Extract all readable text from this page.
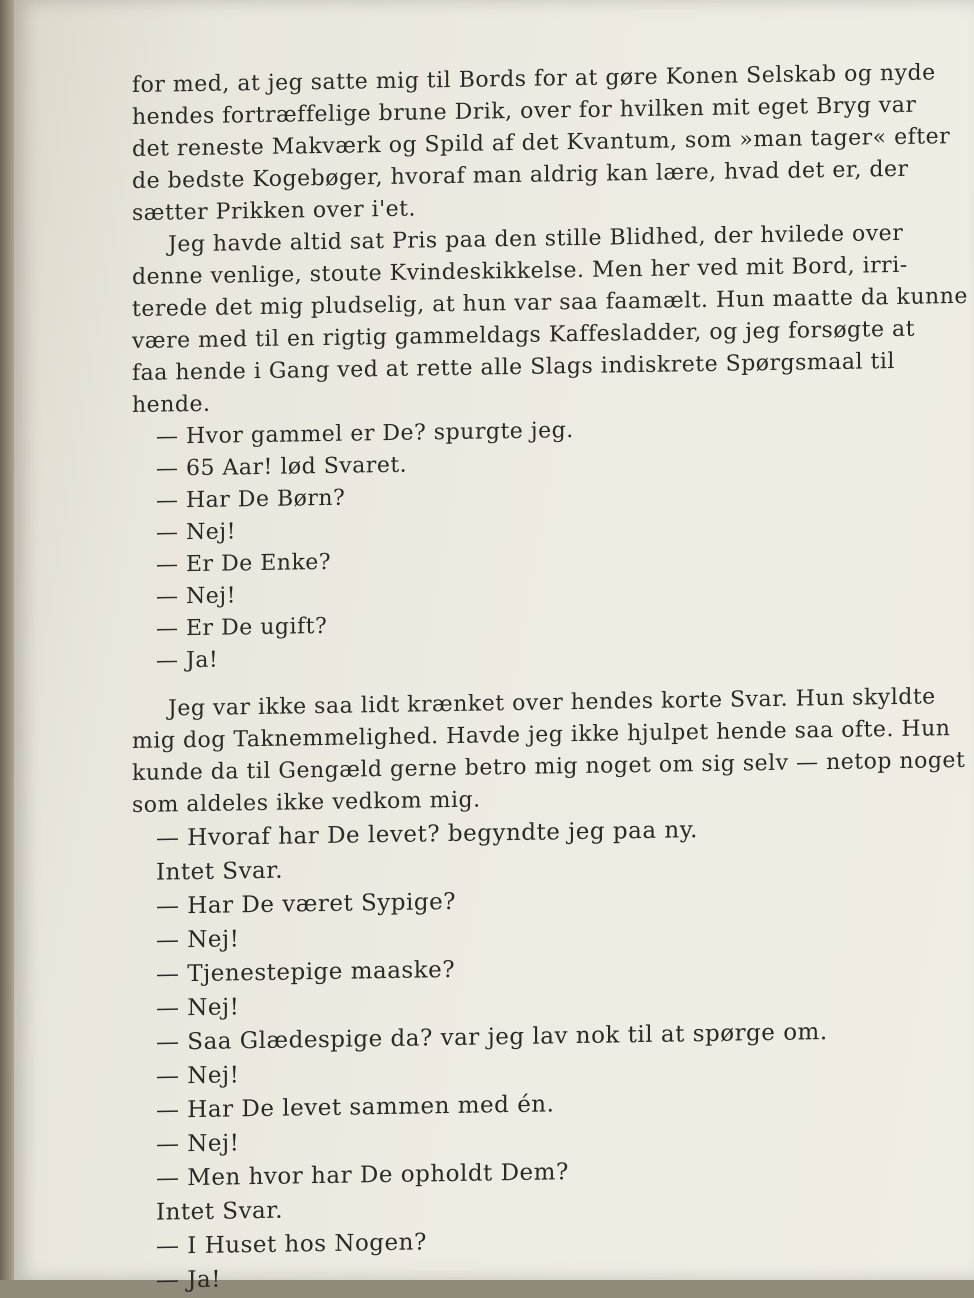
for med, at jeg satte mig til Bords for at gøre Konen Selskab og nyde
hendes fortræffelige brune Drik, over for hvilken mit eget Bryg var
det reneste Makværk og Spild af det Kvantum, som »man tager« efter
de bedste Kogebøger, hvoraf man aldrig kan lære, hvad det er, der
sætter Prikken over i'et.
Jeg havde altid sat Pris paa den stille Blidhed, der hvilede over
denne venlige, stoute Kvindeskikkelse. Men her ved mit Bord, irri-
terede det mig pludselig, at hun var saa faamælt. Hun maatte da kunne
være med til en rigtig gammeldags Kaffesladder, og jeg forsøgte at
faa hende i Gang ved at rette alle Slags indiskrete Spørgsmaal til
hende.
— Hvor gammel er De? spurgte jeg.
— 65 Aar! lød Svaret.
— Har De Børn?
— Nej!
— Er De Enke?
— Nej!
— Er De ugift?
— Ja!
Jeg var ikke saa lidt krænket over hendes korte Svar. Hun skyldte
mig dog Taknemmelighed. Havde jeg ikke hjulpet hende saa ofte. Hun
kunde da til Gengæld gerne betro mig noget om sig selv — netop noget
som aldeles ikke vedkom mig.
— Hvoraf har De levet? begyndte jeg paa ny.
Intet Svar.
— Har De været Sypige?
— Nej!
— Tjenestepige maaske?
— Nej!
— Saa Glædespige da? var jeg lav nok til at spørge om.
— Nej!
— Har De levet sammen med én.
— Nej!
— Men hvor har De opholdt Dem?
Intet Svar.
— I Huset hos Nogen?
— Ja!
